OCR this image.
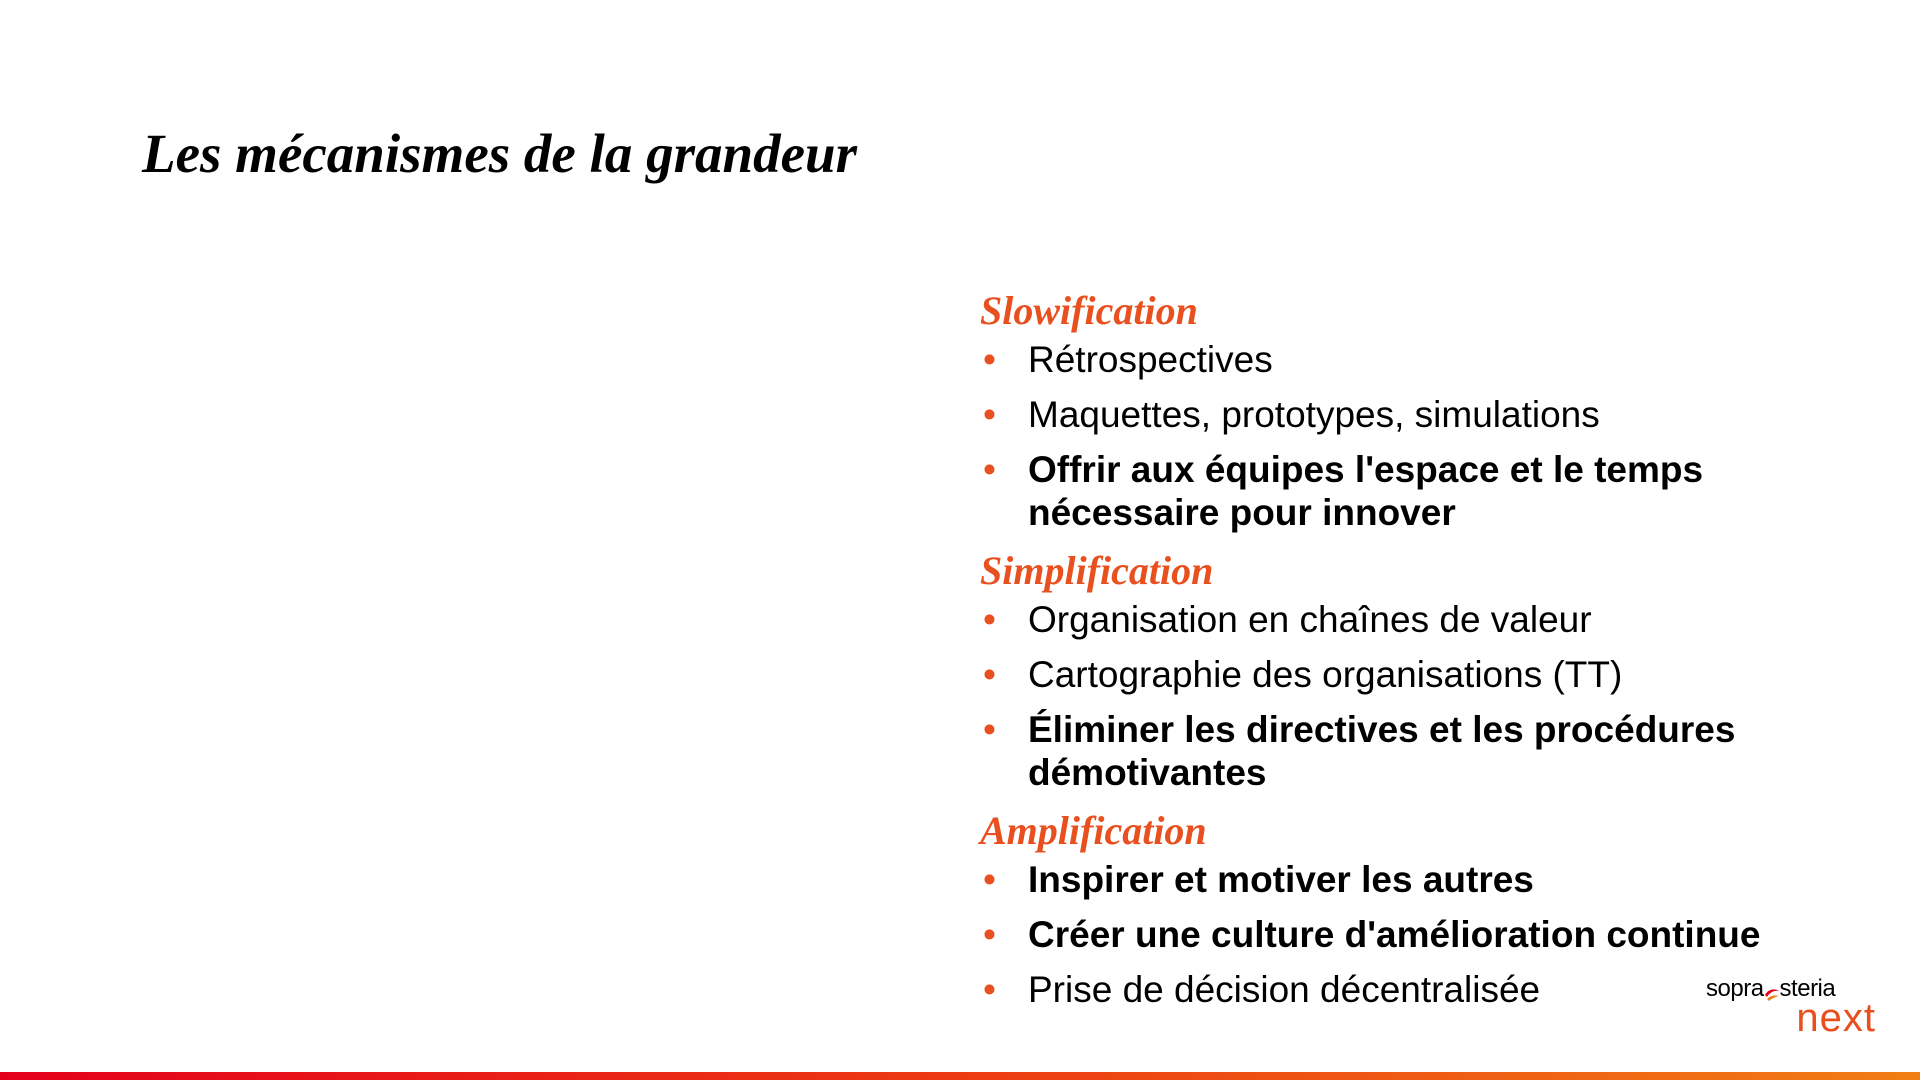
Les mécanismes de la grandeur
Slowification
• Rétrospectives
• Maquettes, prototypes, simulations
• Offrir aux équipes l'espace et le temps nécessaire pour innover
Simplification
• Organisation en chaînes de valeur
• Cartographie des organisations (TT)
• Éliminer les directives et les procédures démotivantes
Amplification
• Inspirer et motiver les autres
• Créer une culture d'amélioration continue
• Prise de décision décentralisée	sopra steria
next
